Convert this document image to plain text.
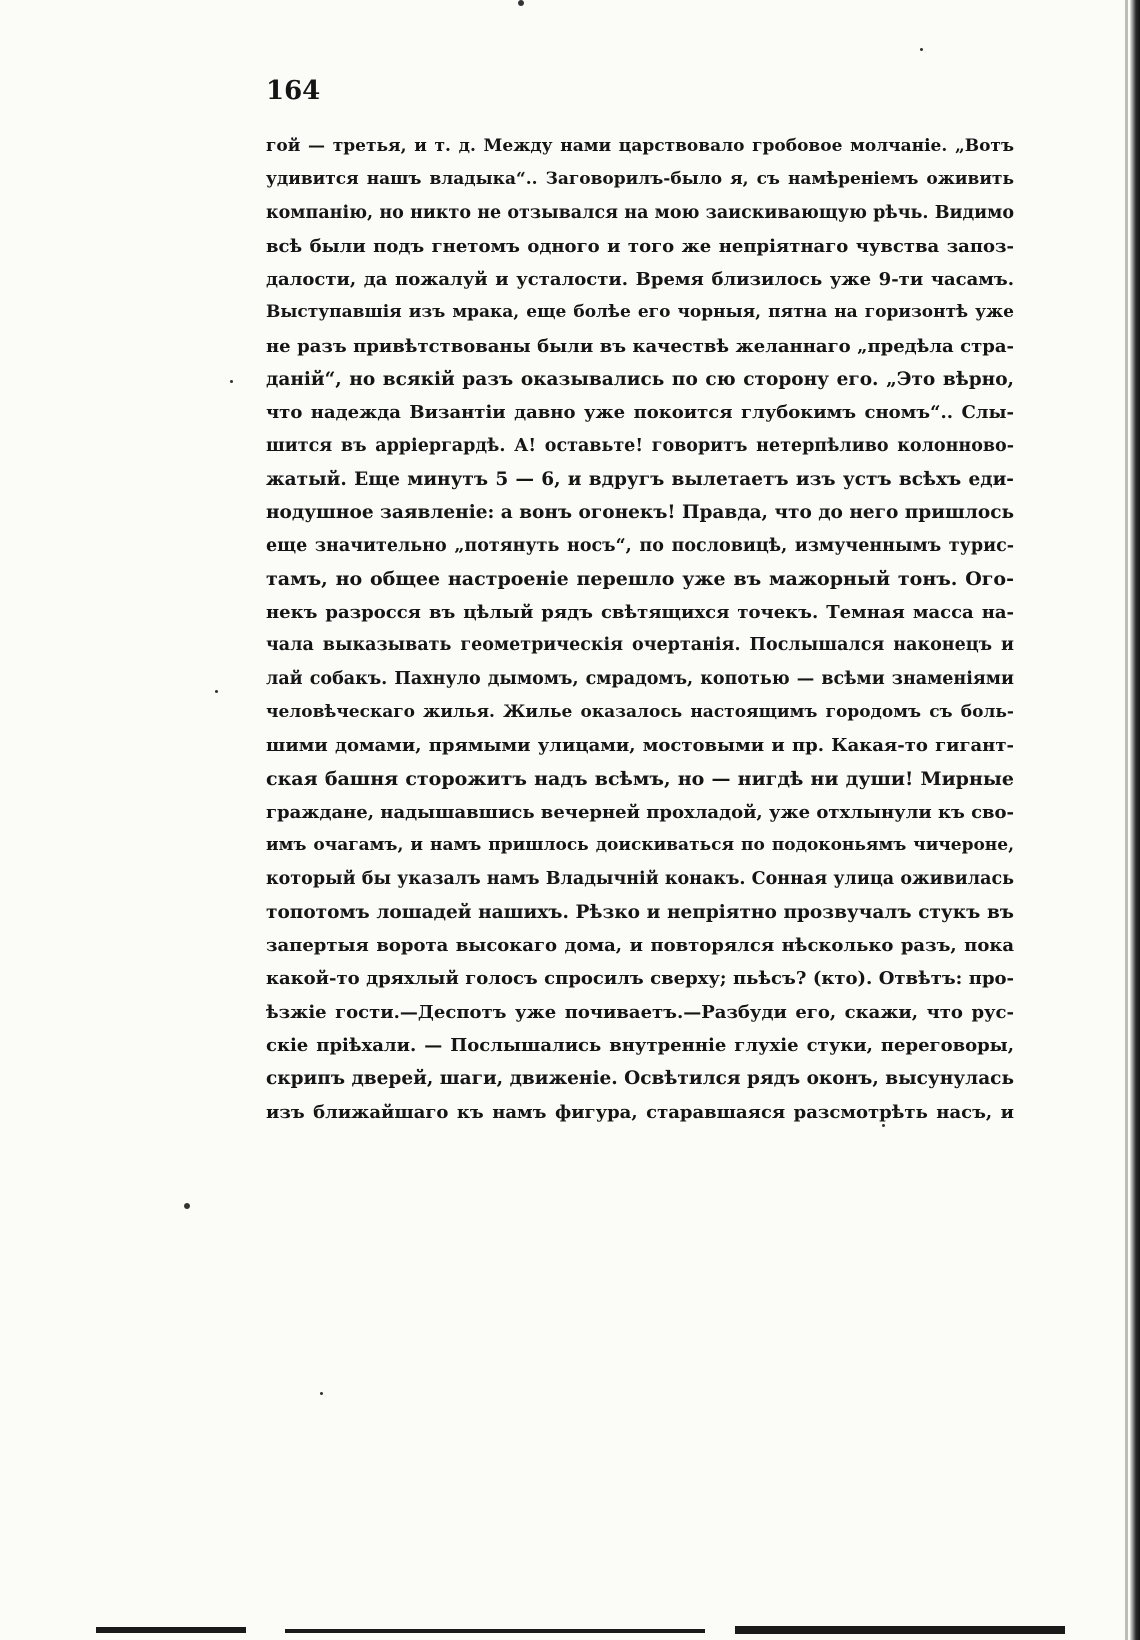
164
гой — третья, и т. д. Между нами царствовало гробовое молчаніе. „Вотъ
удивится нашъ владыка“.. Заговорилъ-было я, съ намѣреніемъ оживить
компанію, но никто не отзывался на мою заискивающую рѣчь. Видимо
всѣ были подъ гнетомъ одного и того же непріятнаго чувства запоз-
далости, да пожалуй и усталости. Время близилось уже 9-ти часамъ.
Выступавшія изъ мрака, еще болѣе его чорныя, пятна на горизонтѣ уже
не разъ привѣтствованы были въ качествѣ желаннаго „предѣла стра-
даній“, но всякій разъ оказывались по сю сторону его. „Это вѣрно,
что надежда Византіи давно уже покоится глубокимъ сномъ“.. Слы-
шится въ арріергардѣ. А! оставьте! говоритъ нетерпѣливо колонново-
жатый. Еще минутъ 5 — 6, и вдругъ вылетаетъ изъ устъ всѣхъ еди-
нодушное заявленіе: а вонъ огонекъ! Правда, что до него пришлось
еще значительно „потянуть носъ“, по пословицѣ, измученнымъ турис-
тамъ, но общее настроеніе перешло уже въ мажорный тонъ. Ого-
некъ разросся въ цѣлый рядъ свѣтящихся точекъ. Темная масса на-
чала выказывать геометрическія очертанія. Послышался наконецъ и
лай собакъ. Пахнуло дымомъ, смрадомъ, копотью — всѣми знаменіями
человѣческаго жилья. Жилье оказалось настоящимъ городомъ съ боль-
шими домами, прямыми улицами, мостовыми и пр. Какая-то гигант-
ская башня сторожитъ надъ всѣмъ, но — нигдѣ ни души! Мирные
граждане, надышавшись вечерней прохладой, уже отхлынули къ сво-
имъ очагамъ, и намъ пришлось доискиваться по подоконьямъ чичероне,
который бы указалъ намъ Владычній конакъ. Сонная улица оживилась
топотомъ лошадей нашихъ. Рѣзко и непріятно прозвучалъ стукъ въ
запертыя ворота высокаго дома, и повторялся нѣсколько разъ, пока
какой-то дряхлый голосъ спросилъ сверху; пьѣсъ? (кто). Отвѣтъ: про-
ѣзжіе гости.—Деспотъ уже почиваетъ.—Разбуди его, скажи, что рус-
скіе пріѣхали. — Послышались внутренніе глухіе стуки, переговоры,
скрипъ дверей, шаги, движеніе. Освѣтился рядъ оконъ, высунулась
изъ ближайшаго къ намъ фигура, старавшаяся разсмотрѣть насъ, и
